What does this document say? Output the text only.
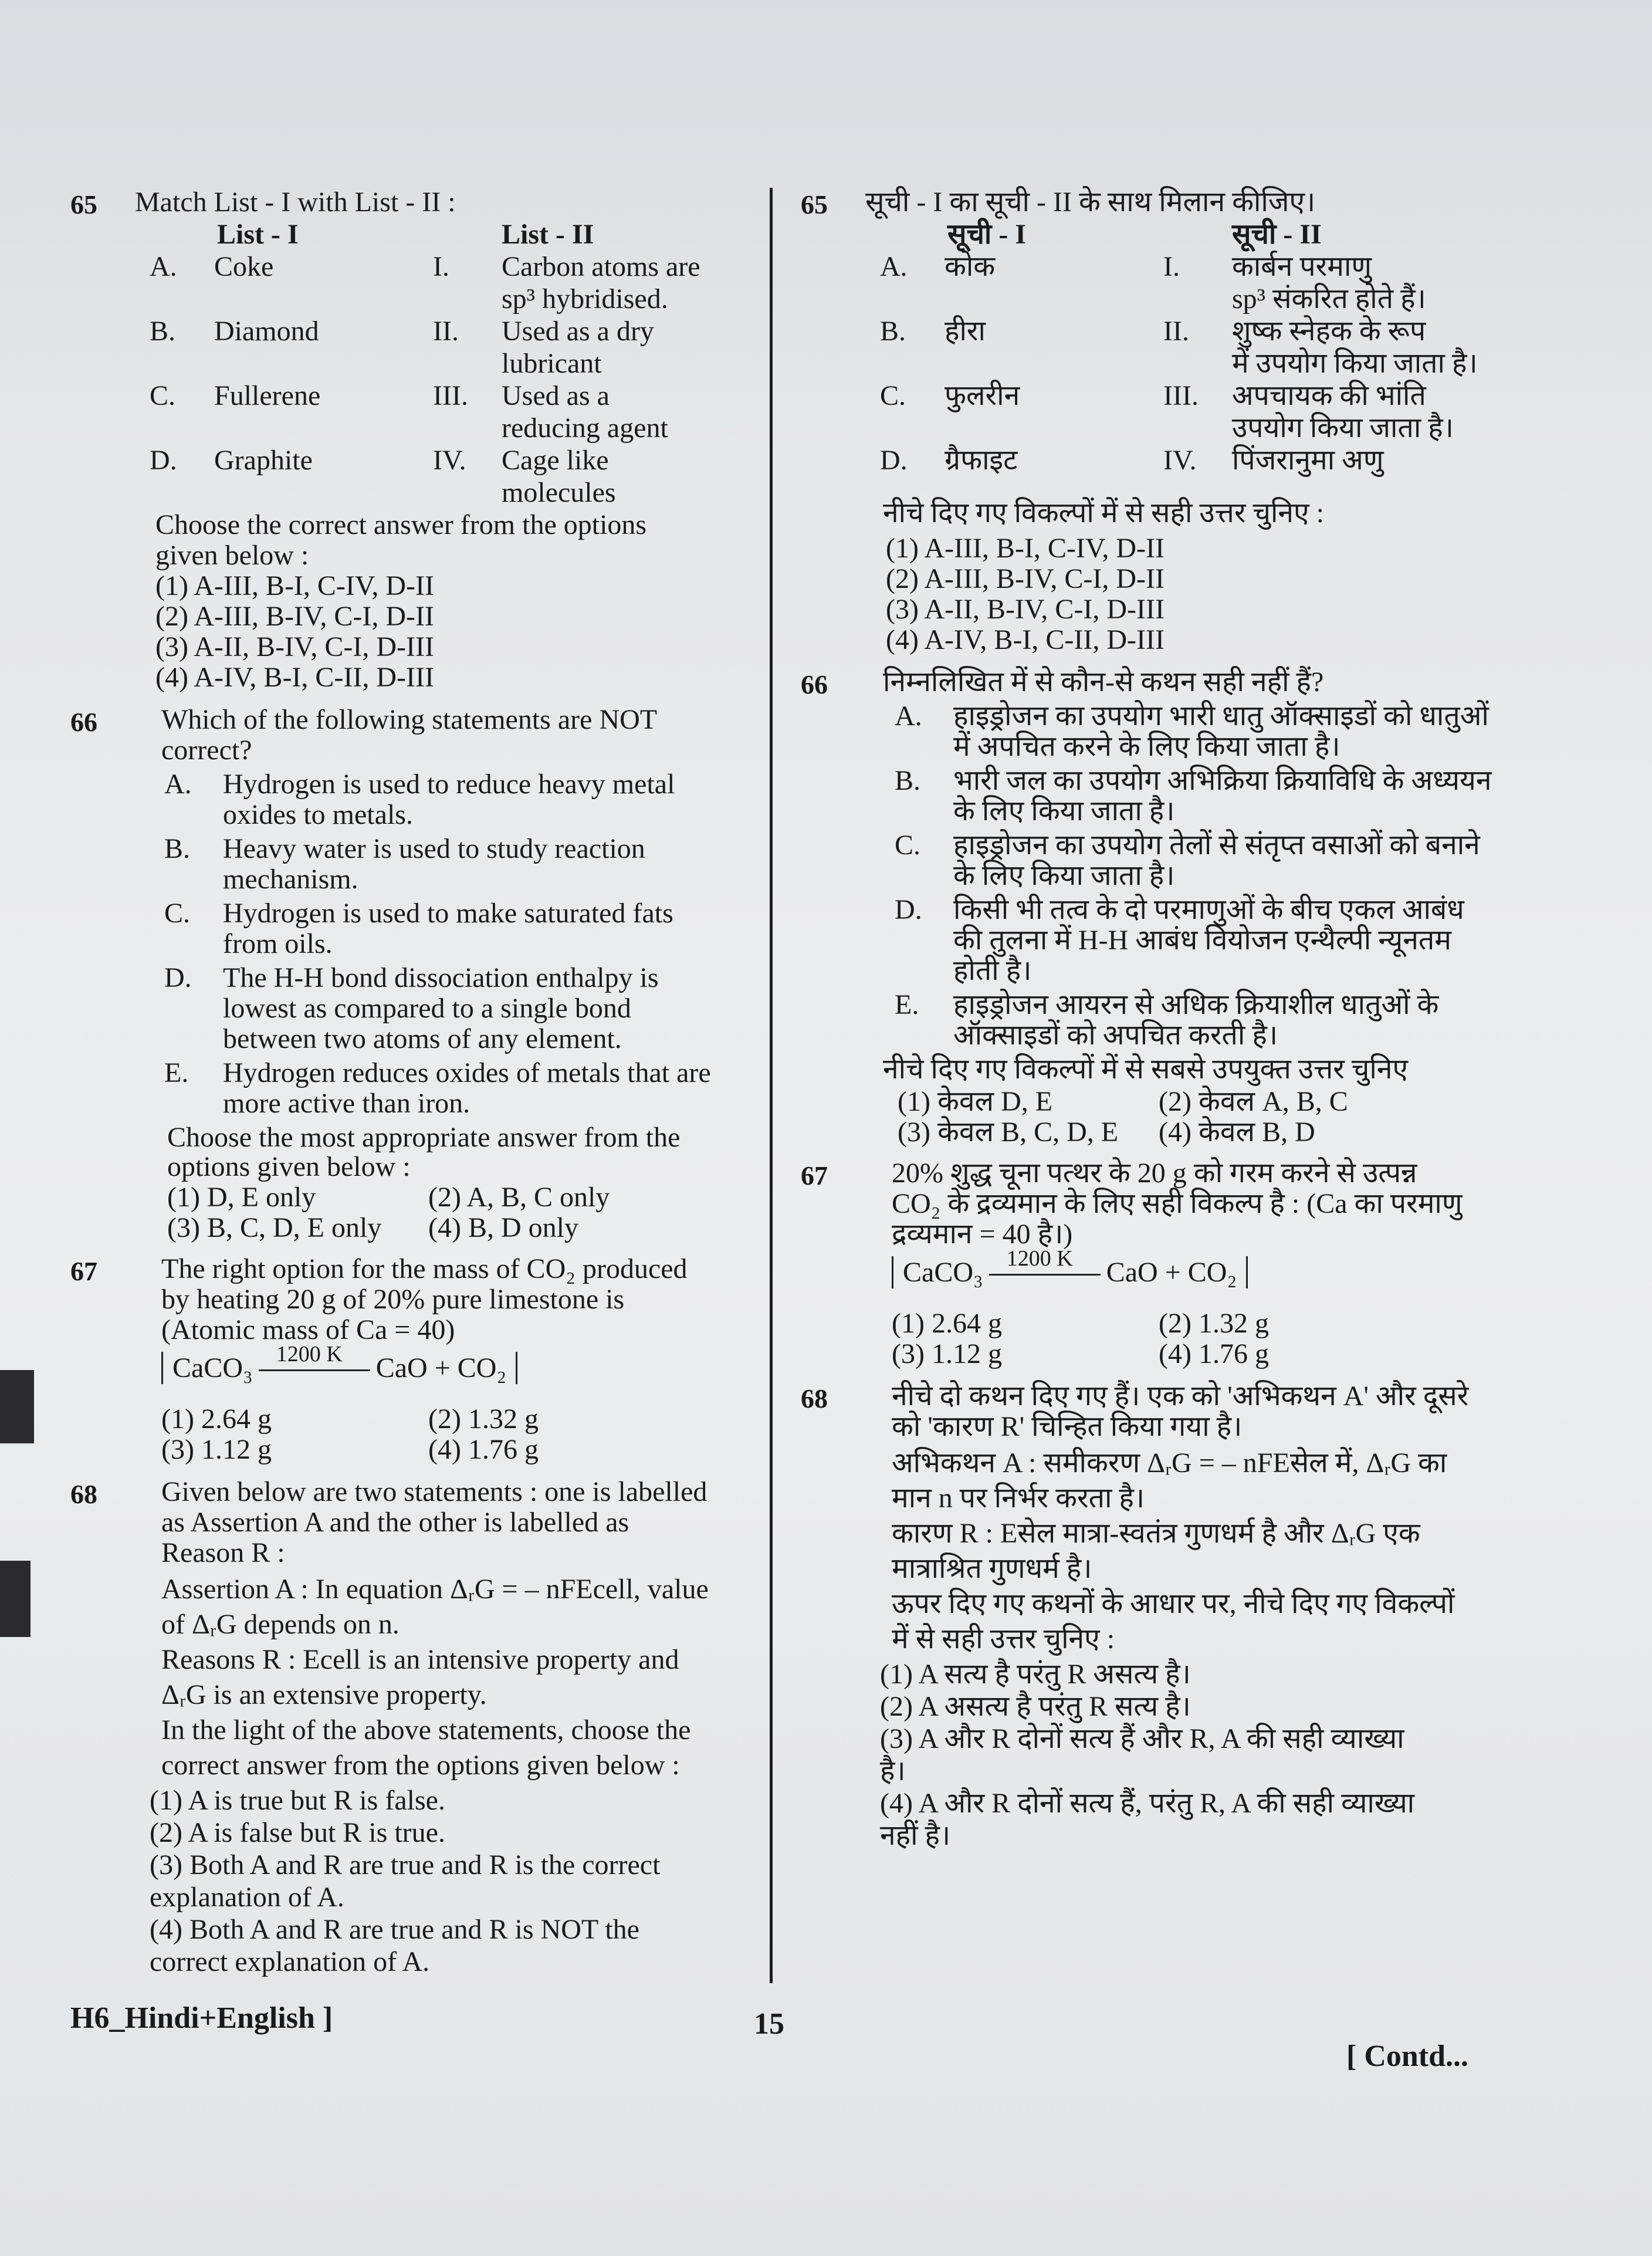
65 Match List - I with List - II :
List - I	List - II
A. Coke	I. Carbon atoms are
sp³ hybridised.
B. Diamond	II. Used as a dry
lubricant
C. Fullerene	III. Used as a
reducing agent
D. Graphite	IV. Cage like
molecules
Choose the correct answer from the options
given below :
(1) A-III, B-I, C-IV, D-II
(2) A-III, B-IV, C-I, D-II
(3) A-II, B-IV, C-I, D-III
(4) A-IV, B-I, C-II, D-III
66 Which of the following statements are NOT
correct?
A. Hydrogen is used to reduce heavy metal
oxides to metals.
B. Heavy water is used to study reaction
mechanism.
C. Hydrogen is used to make saturated fats
from oils.
D. The H-H bond dissociation enthalpy is
lowest as compared to a single bond
between two atoms of any element.
E. Hydrogen reduces oxides of metals that are
more active than iron.
Choose the most appropriate answer from the
options given below :
(1) D, E only	(2) A, B, C only
(3) B, C, D, E only (4) B, D only
67 The right option for the mass of CO₂ produced
by heating 20 g of 20% pure limestone is
(Atomic mass of Ca = 40)
CaCO₃ 1200 K CaO + CO₂
(1) 2.64 g	(2) 1.32 g
(3) 1.12 g	(4) 1.76 g
68 Given below are two statements : one is labelled
as Assertion A and the other is labelled as
Reason R :
Assertion A : In equation ΔᵣG = – nFEcell, value
of ΔᵣG depends on n.
Reasons R : Ecell is an intensive property and
ΔᵣG is an extensive property.
In the light of the above statements, choose the
correct answer from the options given below :
(1) A is true but R is false.
(2) A is false but R is true.
(3) Both A and R are true and R is the correct
explanation of A.
(4) Both A and R are true and R is NOT the
correct explanation of A.
65 सूची - I का सूची - II के साथ मिलान कीजिए।
सूची - I	सूची - II
A. कोक	I. कार्बन परमाणु
sp³ संकरित होते हैं।
B. हीरा	II. शुष्क स्नेहक के रूप
में उपयोग किया जाता है।
C. फुलरीन	III. अपचायक की भांति
उपयोग किया जाता है।
D. ग्रैफाइट	IV. पिंजरानुमा अणु
नीचे दिए गए विकल्पों में से सही उत्तर चुनिए :
(1) A-III, B-I, C-IV, D-II
(2) A-III, B-IV, C-I, D-II
(3) A-II, B-IV, C-I, D-III
(4) A-IV, B-I, C-II, D-III
66 निम्नलिखित में से कौन-से कथन सही नहीं हैं?
A. हाइड्रोजन का उपयोग भारी धातु ऑक्साइडों को धातुओं
में अपचित करने के लिए किया जाता है।
B. भारी जल का उपयोग अभिक्रिया क्रियाविधि के अध्ययन
के लिए किया जाता है।
C. हाइड्रोजन का उपयोग तेलों से संतृप्त वसाओं को बनाने
के लिए किया जाता है।
D. किसी भी तत्व के दो परमाणुओं के बीच एकल आबंध
की तुलना में H-H आबंध वियोजन एन्थैल्पी न्यूनतम
होती है।
E. हाइड्रोजन आयरन से अधिक क्रियाशील धातुओं के
ऑक्साइडों को अपचित करती है।
नीचे दिए गए विकल्पों में से सबसे उपयुक्त उत्तर चुनिए
(1) केवल D, E	(2) केवल A, B, C
(3) केवल B, C, D, E (4) केवल B, D
67 20% शुद्ध चूना पत्थर के 20 g को गरम करने से उत्पन्न
CO₂ के द्रव्यमान के लिए सही विकल्प है : (Ca का परमाणु
द्रव्यमान = 40 है।)
CaCO₃ 1200 K CaO + CO₂
(1) 2.64 g	(2) 1.32 g
(3) 1.12 g	(4) 1.76 g
68 नीचे दो कथन दिए गए हैं। एक को 'अभिकथन A' और दूसरे
को 'कारण R' चिन्हित किया गया है।
अभिकथन A : समीकरण ΔᵣG = – nFEसेल में, ΔᵣG का
मान n पर निर्भर करता है।
कारण R : Eसेल मात्रा-स्वतंत्र गुणधर्म है और ΔᵣG एक
मात्राश्रित गुणधर्म है।
ऊपर दिए गए कथनों के आधार पर, नीचे दिए गए विकल्पों
में से सही उत्तर चुनिए :
(1) A सत्य है परंतु R असत्य है।
(2) A असत्य है परंतु R सत्य है।
(3) A और R दोनों सत्य हैं और R, A की सही व्याख्या
है।
(4) A और R दोनों सत्य हैं, परंतु R, A की सही व्याख्या
नहीं है।
H6_Hindi+English ]	15
[ Contd...
